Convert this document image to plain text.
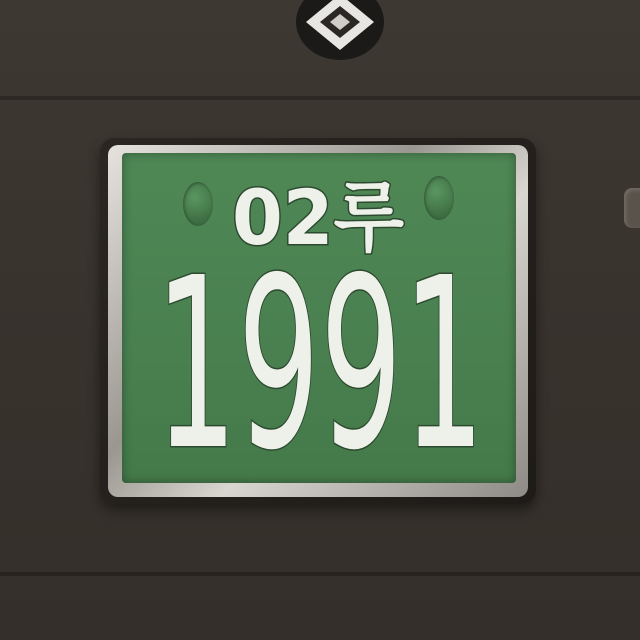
02루
1991
